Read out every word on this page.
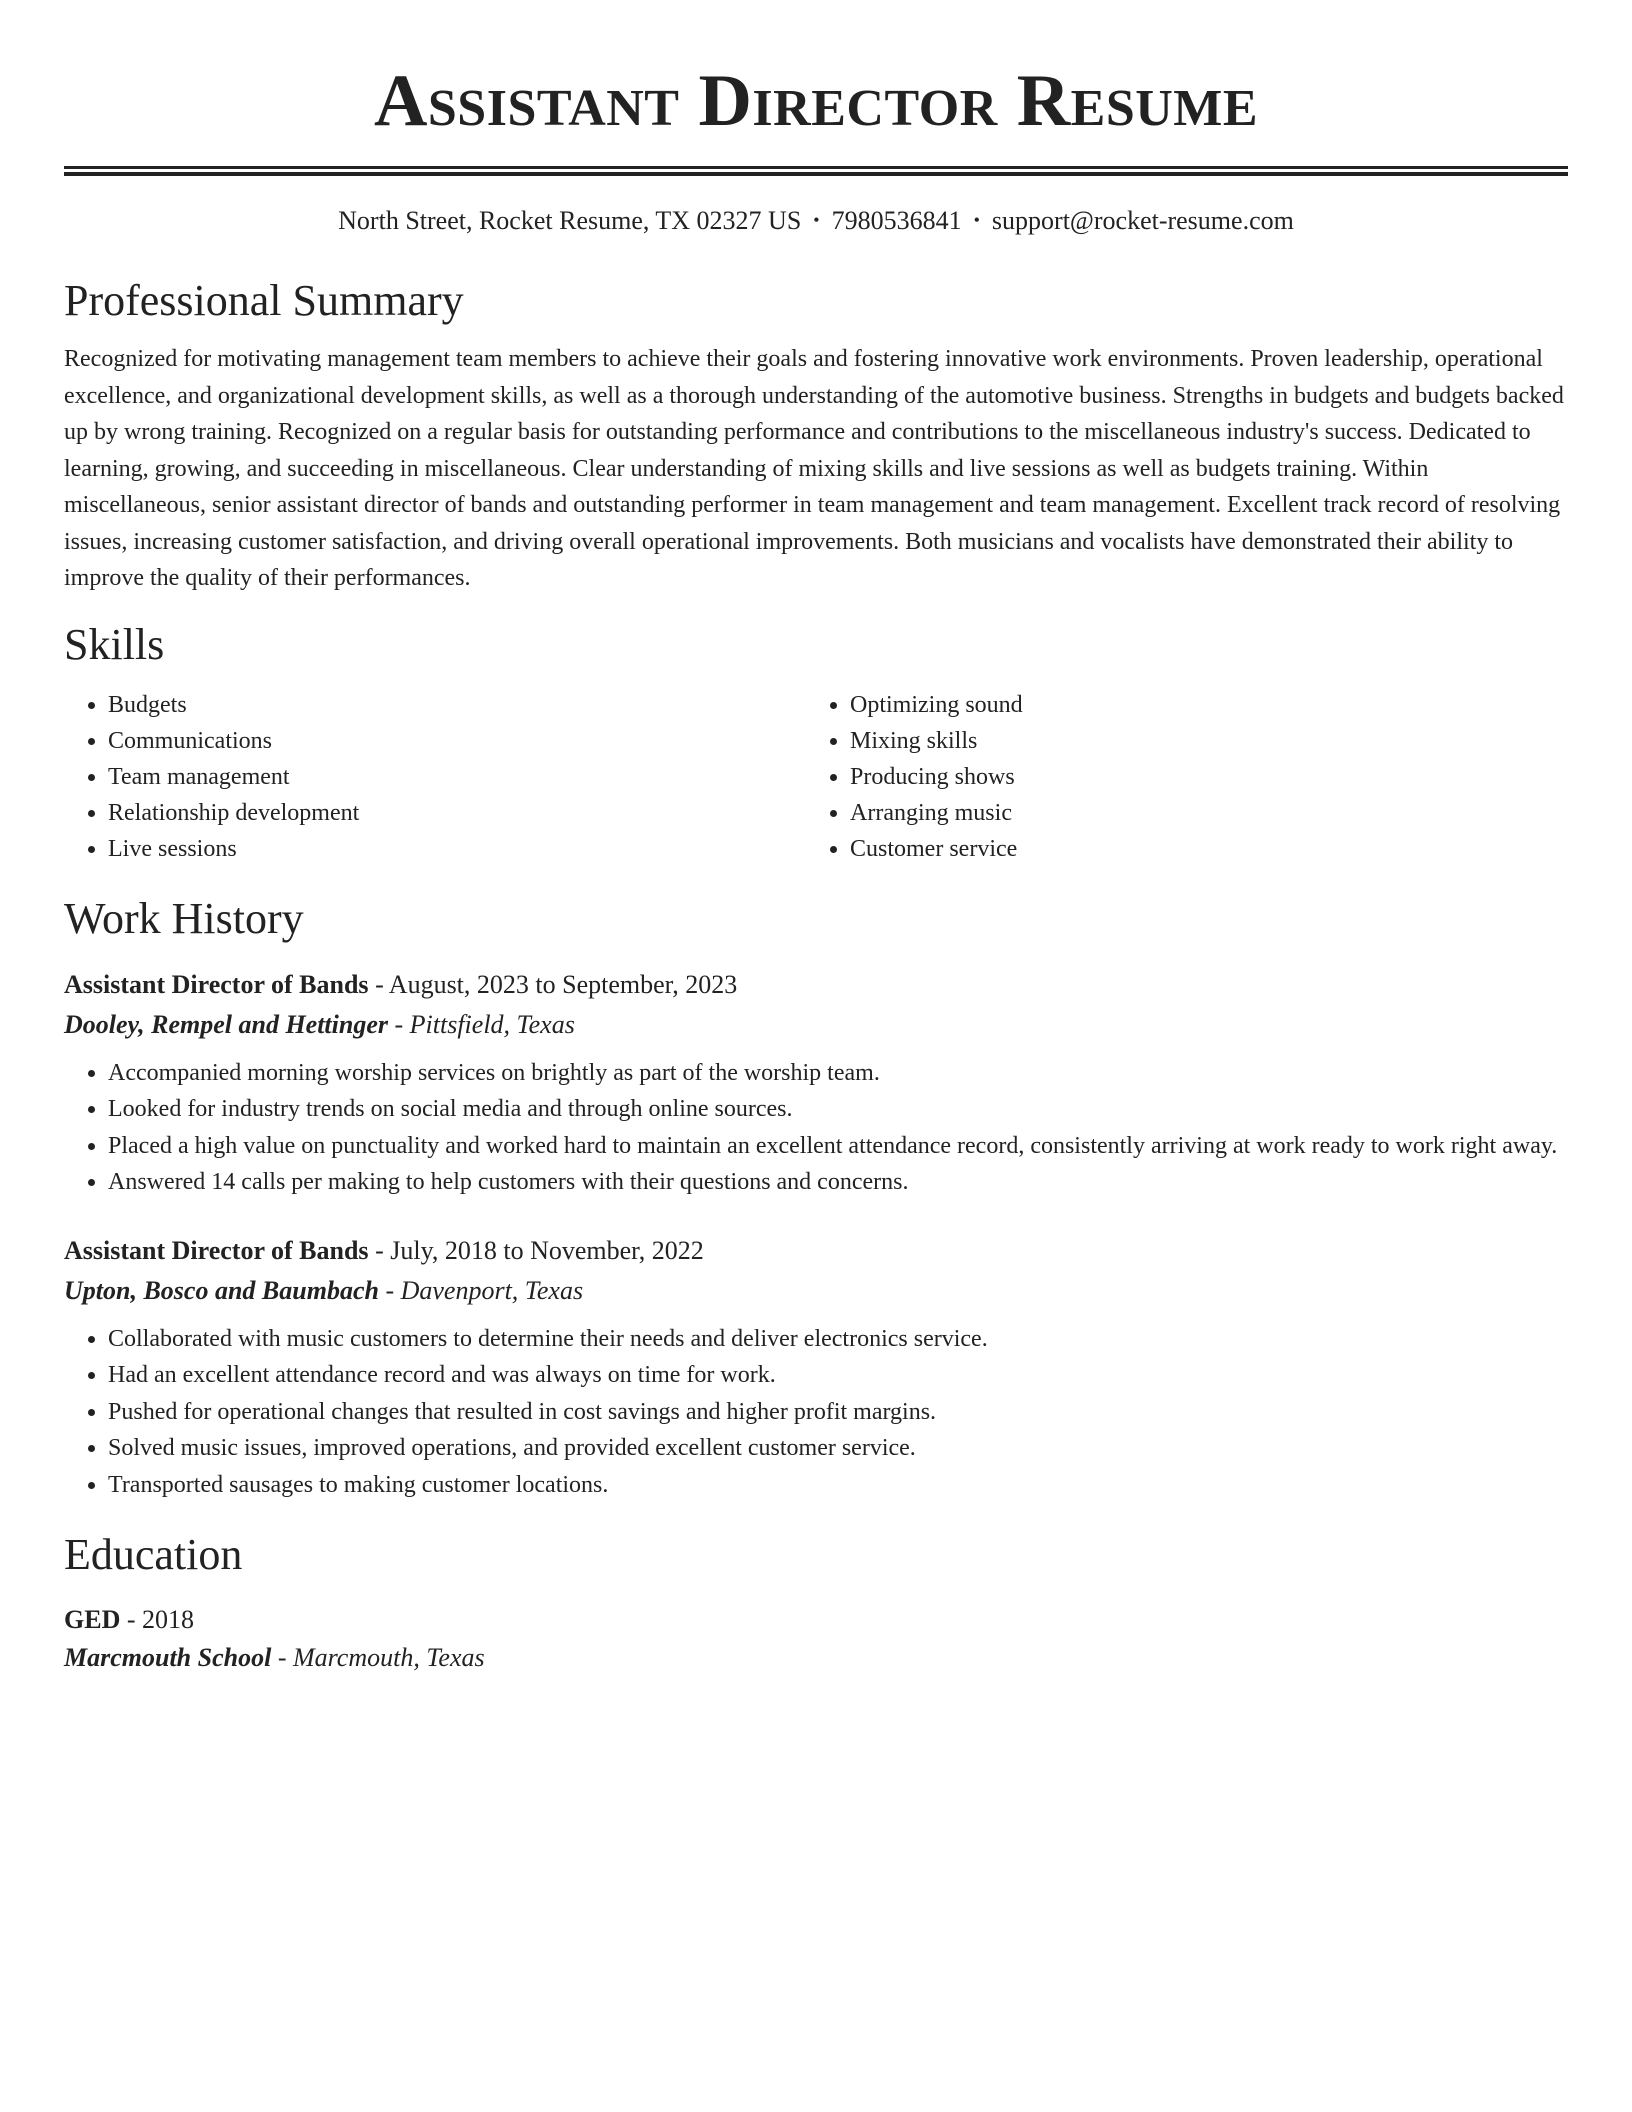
Assistant Director Resume
North Street, Rocket Resume, TX 02327 US • 7980536841 • support@rocket-resume.com
Professional Summary

Recognized for motivating management team members to achieve their goals and fostering innovative work environments. Proven leadership, operational excellence, and organizational development skills, as well as a thorough understanding of the automotive business. Strengths in budgets and budgets backed up by wrong training. Recognized on a regular basis for outstanding performance and contributions to the miscellaneous industry's success. Dedicated to learning, growing, and succeeding in miscellaneous. Clear understanding of mixing skills and live sessions as well as budgets training. Within miscellaneous, senior assistant director of bands and outstanding performer in team management and team management. Excellent track record of resolving issues, increasing customer satisfaction, and driving overall operational improvements. Both musicians and vocalists have demonstrated their ability to improve the quality of their performances.

Skills
• Budgets
• Communications
• Team management
• Relationship development
• Live sessions
• Optimizing sound
• Mixing skills
• Producing shows
• Arranging music
• Customer service
Work History
Assistant Director of Bands - August, 2023 to September, 2023
Dooley, Rempel and Hettinger - Pittsfield, Texas
• Accompanied morning worship services on brightly as part of the worship team.
• Looked for industry trends on social media and through online sources.
• Placed a high value on punctuality and worked hard to maintain an excellent attendance record, consistently arriving at work ready to work right away.
• Answered 14 calls per making to help customers with their questions and concerns.
Assistant Director of Bands - July, 2018 to November, 2022
Upton, Bosco and Baumbach - Davenport, Texas
• Collaborated with music customers to determine their needs and deliver electronics service.
• Had an excellent attendance record and was always on time for work.
• Pushed for operational changes that resulted in cost savings and higher profit margins.
• Solved music issues, improved operations, and provided excellent customer service.
• Transported sausages to making customer locations.
Education
GED - 2018
Marcmouth School - Marcmouth, Texas
